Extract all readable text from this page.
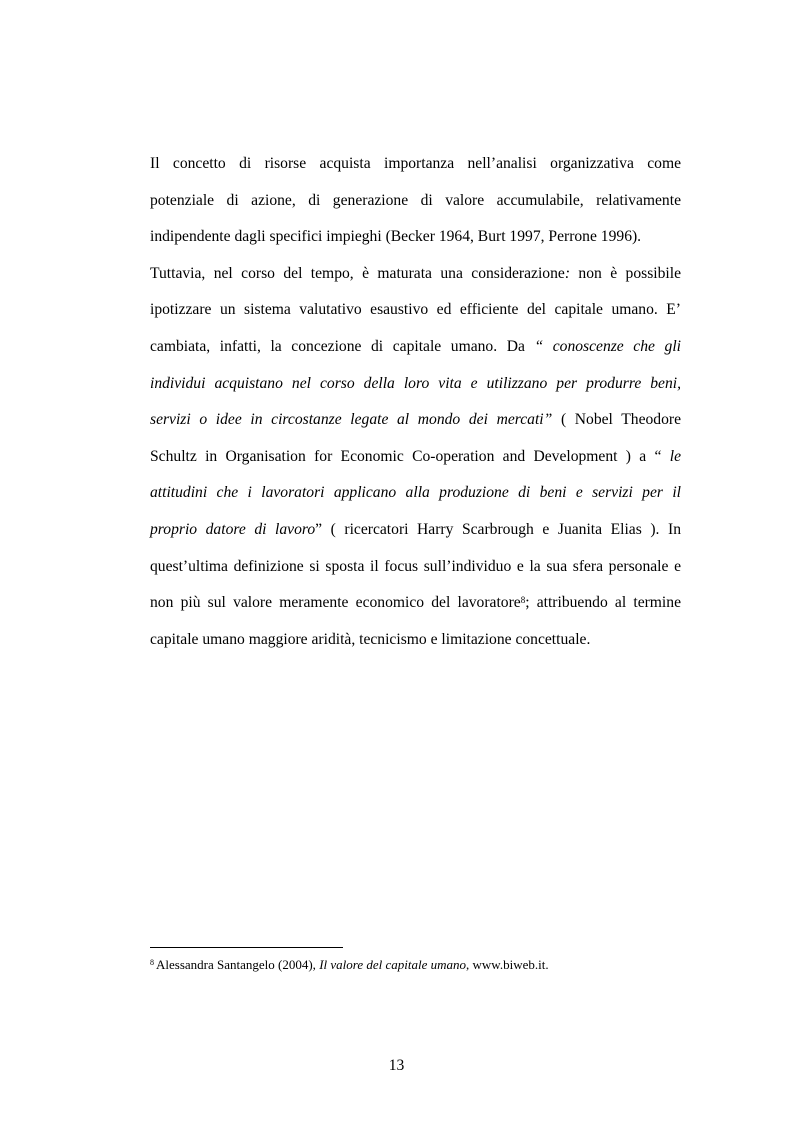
Il concetto di risorse acquista importanza nell’analisi organizzativa come
potenziale di azione, di generazione di valore accumulabile, relativamente
indipendente dagli specifici impieghi (Becker 1964, Burt 1997, Perrone 1996).
Tuttavia, nel corso del tempo, è maturata una considerazione: non è possibile
ipotizzare un sistema valutativo esaustivo ed efficiente del capitale umano. E’
cambiata, infatti, la concezione di capitale umano. Da “ conoscenze che gli
individui acquistano nel corso della loro vita e utilizzano per produrre beni,
servizi o idee in circostanze legate al mondo dei mercati” ( Nobel Theodore
Schultz in Organisation for Economic Co-operation and Development ) a “ le
attitudini che i lavoratori applicano alla produzione di beni e servizi per il
proprio datore di lavoro” ( ricercatori Harry Scarbrough e Juanita Elias ). In
quest’ultima definizione si sposta il focus sull’individuo e la sua sfera personale e
non più sul valore meramente economico del lavoratore$^8$; attribuendo al termine
capitale umano maggiore aridità, tecnicismo e limitazione concettuale.
$^8$ Alessandra Santangelo (2004), Il valore del capitale umano, www.biweb.it.
13
